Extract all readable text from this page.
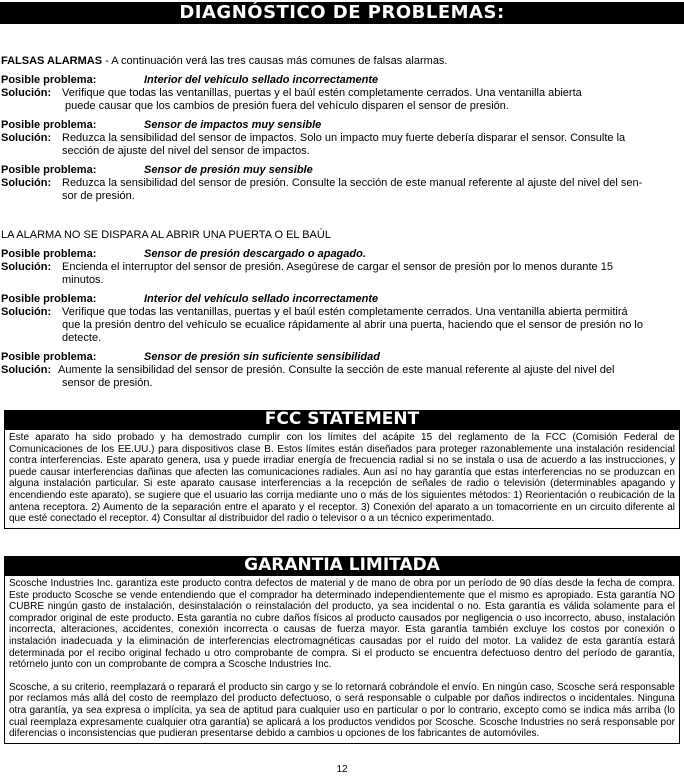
DIAGNÓSTICO DE PROBLEMAS:
FALSAS ALARMAS - A continuación verá las tres causas más comunes de falsas alarmas.
Posible problema:	Interior del vehículo sellado incorrectamente
Solución: Verifique que todas las ventanillas, puertas y el baúl estén completamente cerrados. Una ventanilla abierta
puede causar que los cambios de presión fuera del vehículo disparen el sensor de presión.
Posible problema:	Sensor de impactos muy sensible
Solución: Reduzca la sensibilidad del sensor de impactos. Solo un impacto muy fuerte debería disparar el sensor. Consulte la
sección de ajuste del nivel del sensor de impactos.
Posible problema:	Sensor de presión muy sensible
Solución: Reduzca la sensibilidad del sensor de presión. Consulte la sección de este manual referente al ajuste del nivel del sen-
sor de presión.
LA ALARMA NO SE DISPARA AL ABRIR UNA PUERTA O EL BAÚL
Posible problema:	Sensor de presión descargado o apagado.
Solución: Encienda el interruptor del sensor de presión. Asegúrese de cargar el sensor de presión por lo menos durante 15
minutos.
Posible problema:	Interior del vehículo sellado incorrectamente
Solución: Verifique que todas las ventanillas, puertas y el baúl estén completamente cerrados. Una ventanilla abierta permitirá
que la presión dentro del vehículo se ecualice rápidamente al abrir una puerta, haciendo que el sensor de presión no lo
detecte.
Posible problema:	Sensor de presión sin suficiente sensibilidad
Solución: Aumente la sensibilidad del sensor de presión. Consulte la sección de este manual referente al ajuste del nivel del
sensor de presión.
FCC STATEMENT

Este aparato ha sido probado y ha demostrado cumplir con los límites del acápite 15 del reglamento de la FCC (Comisión Federal de Comunicaciones de los EE.UU.) para dispositivos clase B. Estos límites están diseñados para proteger razonablemente una instalación residencial contra interferencias. Este aparato genera, usa y puede irradiar energía de frecuencia radial si no se instala o usa de acuerdo a las instrucciones, y puede causar interferencias dañinas que afecten las comunicaciones radiales. Aun así no hay garantía que estas interferencias no se produzcan en alguna instalación particular. Si este aparato causase interferencias a la recepción de señales de radio o televisión (determinables apagando y encendiendo este aparato), se sugiere que el usuario las corrija mediante uno o más de los siguientes métodos: 1) Reorientación o reubicación de la antena receptora. 2) Aumento de la separación entre el aparato y el receptor. 3) Conexión del aparato a un tomacorriente en un circuito diferente al que esté conectado el receptor. 4) Consultar al distribuidor del radio o televisor o a un técnico experimentado.

GARANTIA LIMITADA

Scosche Industries Inc. garantiza este producto contra defectos de material y de mano de obra por un período de 90 días desde la fecha de compra. Este producto Scosche se vende entendiendo que el comprador ha determinado independientemente que el mismo es apropiado. Esta garantía NO CUBRE ningún gasto de instalación, desinstalación o reinstalación del producto, ya sea incidental o no. Esta garantía es válida solamente para el comprador original de este producto. Esta garantía no cubre daños físicos al producto causados por negligencia o uso incorrecto, abuso, instalación incorrecta, alteraciones, accidentes, conexión incorrecta o causas de fuerza mayor. Esta garantía también excluye los costos por conexión o instalación inadecuada y la eliminación de interferencias electromagnéticas causadas por el ruido del motor. La validez de esta garantía estará determinada por el recibo original fechado u otro comprobante de compra. Si el producto se encuentra defectuoso dentro del período de garantía, retórnelo junto con un comprobante de compra a Scosche Industries Inc.

Scosche, a su criterio, reemplazará o reparará el producto sin cargo y se lo retornará cobrándole el envío. En ningún caso, Scosche será responsable por reclamos más allá del costo de reemplazo del producto defectuoso, o será responsable o culpable por daños indirectos o incidentales. Ninguna otra garantía, ya sea expresa o implícita, ya sea de aptitud para cualquier uso en particular o por lo contrario, excepto como se indica más arriba (lo cual reemplaza expresamente cualquier otra garantía) se aplicará a los productos vendidos por Scosche. Scosche Industries no será responsable por diferencias o inconsistencias que pudieran presentarse debido a cambios u opciones de los fabricantes de automóviles.

12
